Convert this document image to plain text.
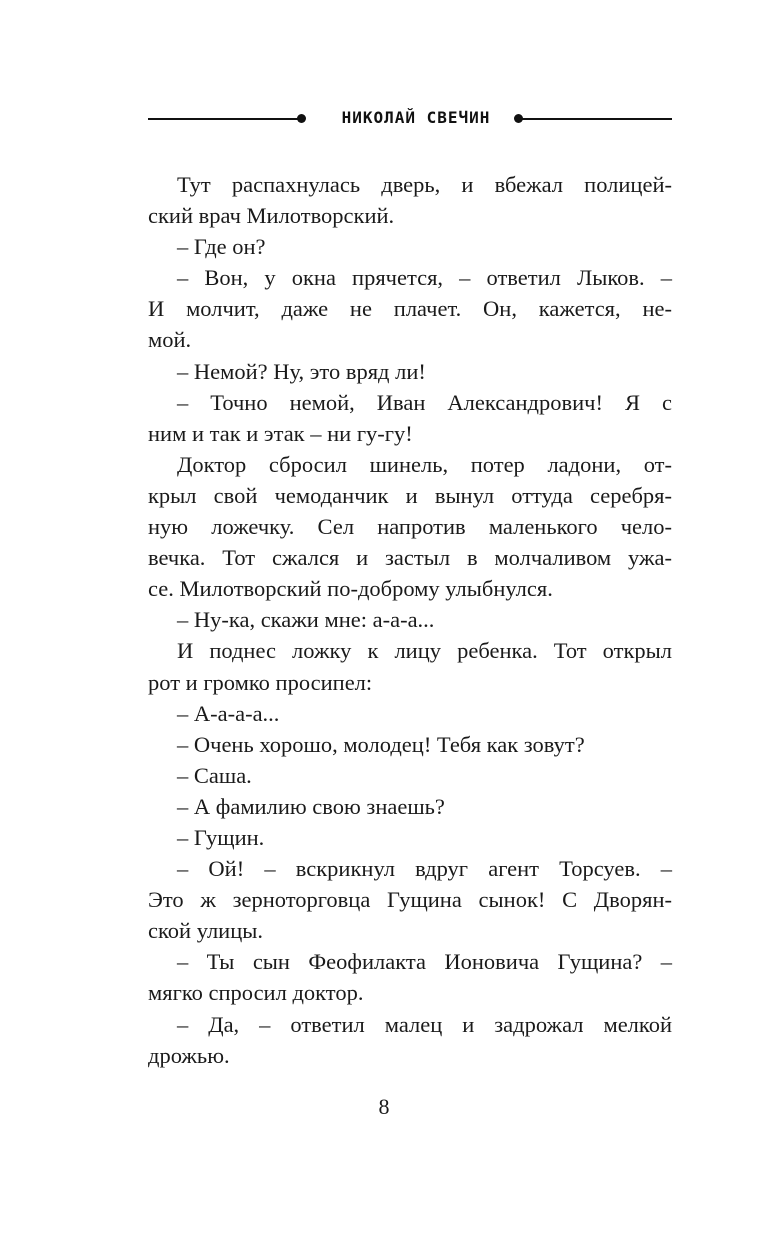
НИКОЛАЙ СВЕЧИН
Тут распахнулась дверь, и вбежал полицей-
ский врач Милотворский.
– Где он?
– Вон, у окна прячется, – ответил Лыков. –
И молчит, даже не плачет. Он, кажется, не-
мой.
– Немой? Ну, это вряд ли!
– Точно немой, Иван Александрович! Я с
ним и так и этак – ни гу-гу!
Доктор сбросил шинель, потер ладони, от-
крыл свой чемоданчик и вынул оттуда серебря-
ную ложечку. Сел напротив маленького чело-
вечка. Тот сжался и застыл в молчаливом ужа-
се. Милотворский по-доброму улыбнулся.
– Ну-ка, скажи мне: а-а-а...
И поднес ложку к лицу ребенка. Тот открыл
рот и громко просипел:
– А-а-а-а...
– Очень хорошо, молодец! Тебя как зовут?
– Саша.
– А фамилию свою знаешь?
– Гущин.
– Ой! – вскрикнул вдруг агент Торсуев. –
Это ж зерноторговца Гущина сынок! С Дворян-
ской улицы.
– Ты сын Феофилакта Ионовича Гущина? –
мягко спросил доктор.
– Да, – ответил малец и задрожал мелкой
дрожью.
8
